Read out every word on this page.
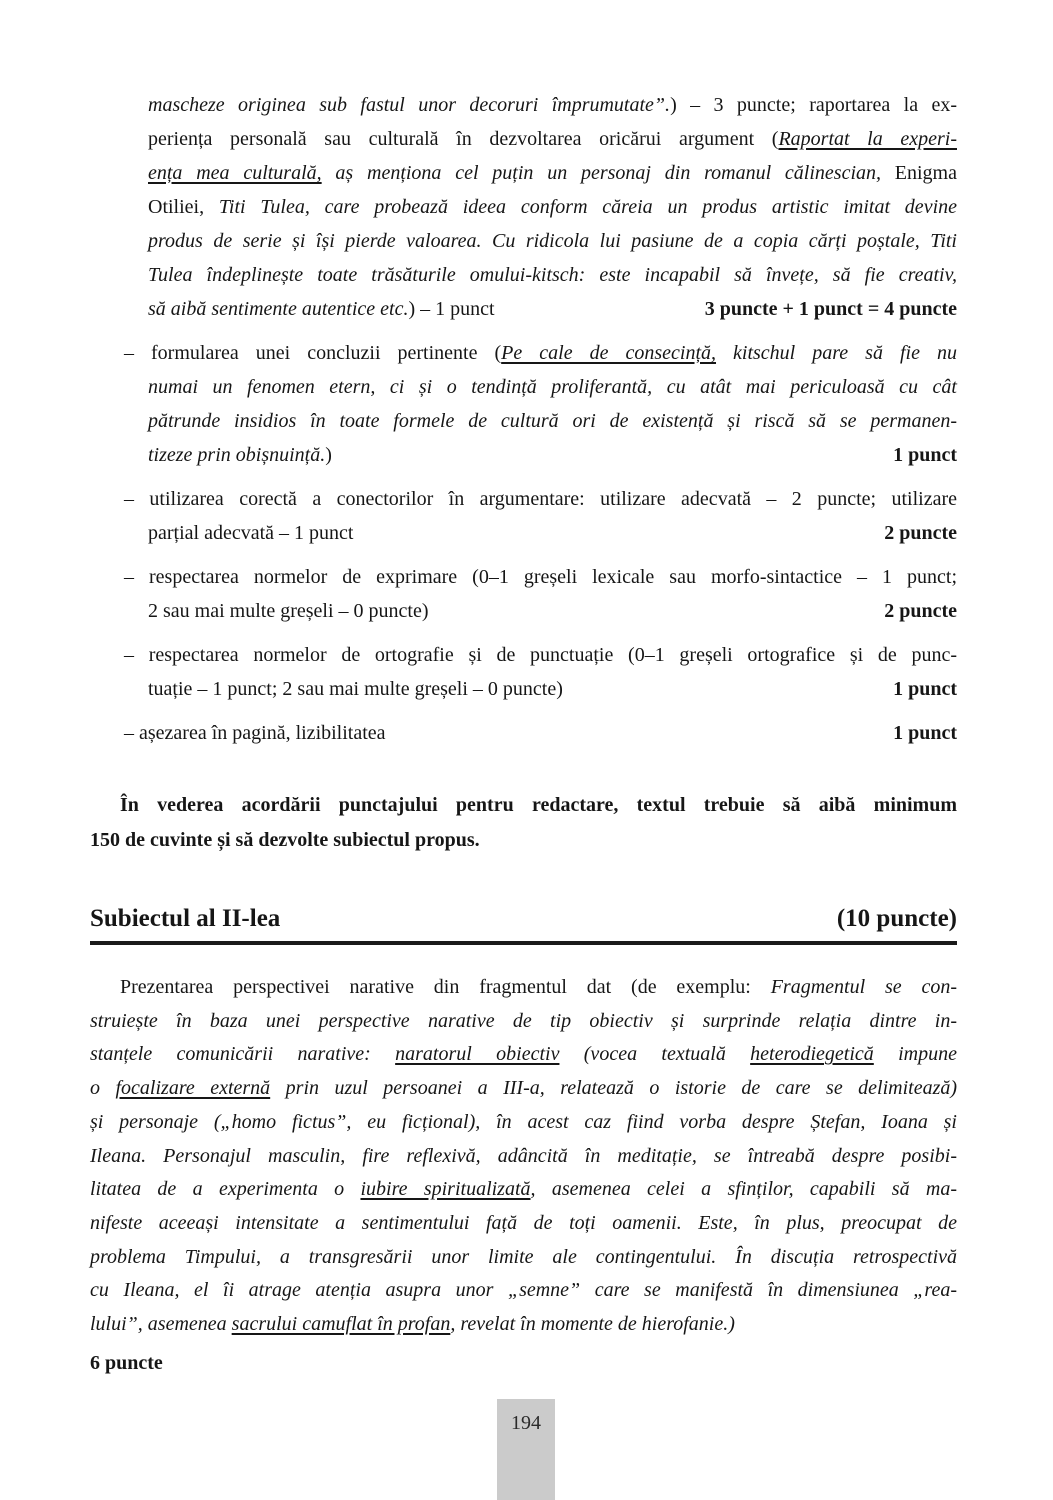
mascheze originea sub fastul unor decoruri împrumutate”.) – 3 puncte; raportarea la ex-
periența personală sau culturală în dezvoltarea oricărui argument (Raportat la experi-
ența mea culturală, aș menționa cel puțin un personaj din romanul călinescian, Enigma
Otiliei, Titi Tulea, care probează ideea conform căreia un produs artistic imitat devine
produs de serie și își pierde valoarea. Cu ridicola lui pasiune de a copia cărți poștale, Titi
Tulea îndeplinește toate trăsăturile omului-kitsch: este incapabil să învețe, să fie creativ,
să aibă sentimente autentice etc.) – 1 punct	3 puncte + 1 punct = 4 puncte
– formularea unei concluzii pertinente (Pe cale de consecință, kitschul pare să fie nu
numai un fenomen etern, ci și o tendință proliferantă, cu atât mai periculoasă cu cât
pătrunde insidios în toate formele de cultură ori de existență și riscă să se permanen-
tizeze prin obișnuință.)	1 punct
– utilizarea corectă a conectorilor în argumentare: utilizare adecvată – 2 puncte; utilizare
parțial adecvată – 1 punct	2 puncte
– respectarea normelor de exprimare (0–1 greșeli lexicale sau morfo-sintactice – 1 punct;
2 sau mai multe greșeli – 0 puncte)	2 puncte
– respectarea normelor de ortografie și de punctuație (0–1 greșeli ortografice și de punc-
tuație – 1 punct; 2 sau mai multe greșeli – 0 puncte)	1 punct
– așezarea în pagină, lizibilitatea	1 punct
În vederea acordării punctajului pentru redactare, textul trebuie să aibă minimum
150 de cuvinte și să dezvolte subiectul propus.
Subiectul al II-lea	(10 puncte)
Prezentarea perspectivei narative din fragmentul dat (de exemplu: Fragmentul se con-
struiește în baza unei perspective narative de tip obiectiv și surprinde relația dintre in-
stanțele comunicării narative: naratorul obiectiv (vocea textuală heterodiegetică impune
o focalizare externă prin uzul persoanei a III-a, relatează o istorie de care se delimitează)
și personaje („homo fictus”, eu ficțional), în acest caz fiind vorba despre Ștefan, Ioana și
Ileana. Personajul masculin, fire reflexivă, adâncită în meditație, se întreabă despre posibi-
litatea de a experimenta o iubire spiritualizată, asemenea celei a sfinților, capabili să ma-
nifeste aceeași intensitate a sentimentului față de toți oamenii. Este, în plus, preocupat de
problema Timpului, a transgresării unor limite ale contingentului. În discuția retrospectivă
cu Ileana, el îi atrage atenția asupra unor „semne” care se manifestă în dimensiunea „rea-
lului”, asemenea sacrului camuflat în profan, revelat în momente de hierofanie.)
6 puncte
194
